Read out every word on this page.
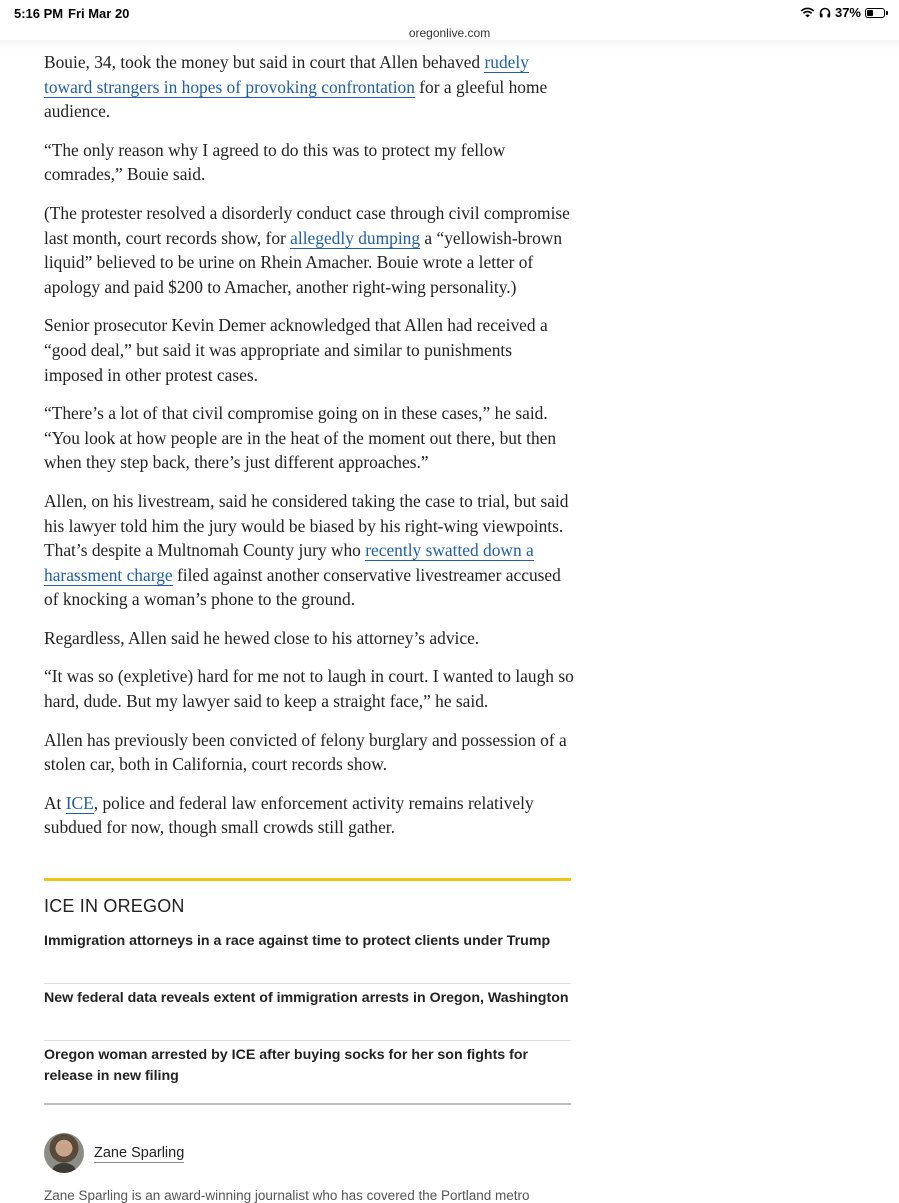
5:16 PM Fri Mar 20	37%
oregonlive.com

Bouie, 34, took the money but said in court that Allen behaved rudely toward strangers in hopes of provoking confrontation for a gleeful home audience.

“The only reason why I agreed to do this was to protect my fellow comrades,” Bouie said.

(The protester resolved a disorderly conduct case through civil compromise last month, court records show, for allegedly dumping a “yellowish-brown liquid” believed to be urine on Rhein Amacher. Bouie wrote a letter of apology and paid $200 to Amacher, another right-wing personality.)

Senior prosecutor Kevin Demer acknowledged that Allen had received a “good deal,” but said it was appropriate and similar to punishments imposed in other protest cases.

“There’s a lot of that civil compromise going on in these cases,” he said. “You look at how people are in the heat of the moment out there, but then when they step back, there’s just different approaches.”

Allen, on his livestream, said he considered taking the case to trial, but said his lawyer told him the jury would be biased by his right-wing viewpoints. That’s despite a Multnomah County jury who recently swatted down a harassment charge filed against another conservative livestreamer accused of knocking a woman’s phone to the ground.

Regardless, Allen said he hewed close to his attorney’s advice.

“It was so (expletive) hard for me not to laugh in court. I wanted to laugh so hard, dude. But my lawyer said to keep a straight face,” he said.

Allen has previously been convicted of felony burglary and possession of a stolen car, both in California, court records show.

At ICE, police and federal law enforcement activity remains relatively subdued for now, though small crowds still gather.

ICE IN OREGON
Immigration attorneys in a race against time to protect clients under Trump
New federal data reveals extent of immigration arrests in Oregon, Washington
Oregon woman arrested by ICE after buying socks for her son fights for release in new filing
Zane Sparling
Zane Sparling is an award-winning journalist who has covered the Portland metro
